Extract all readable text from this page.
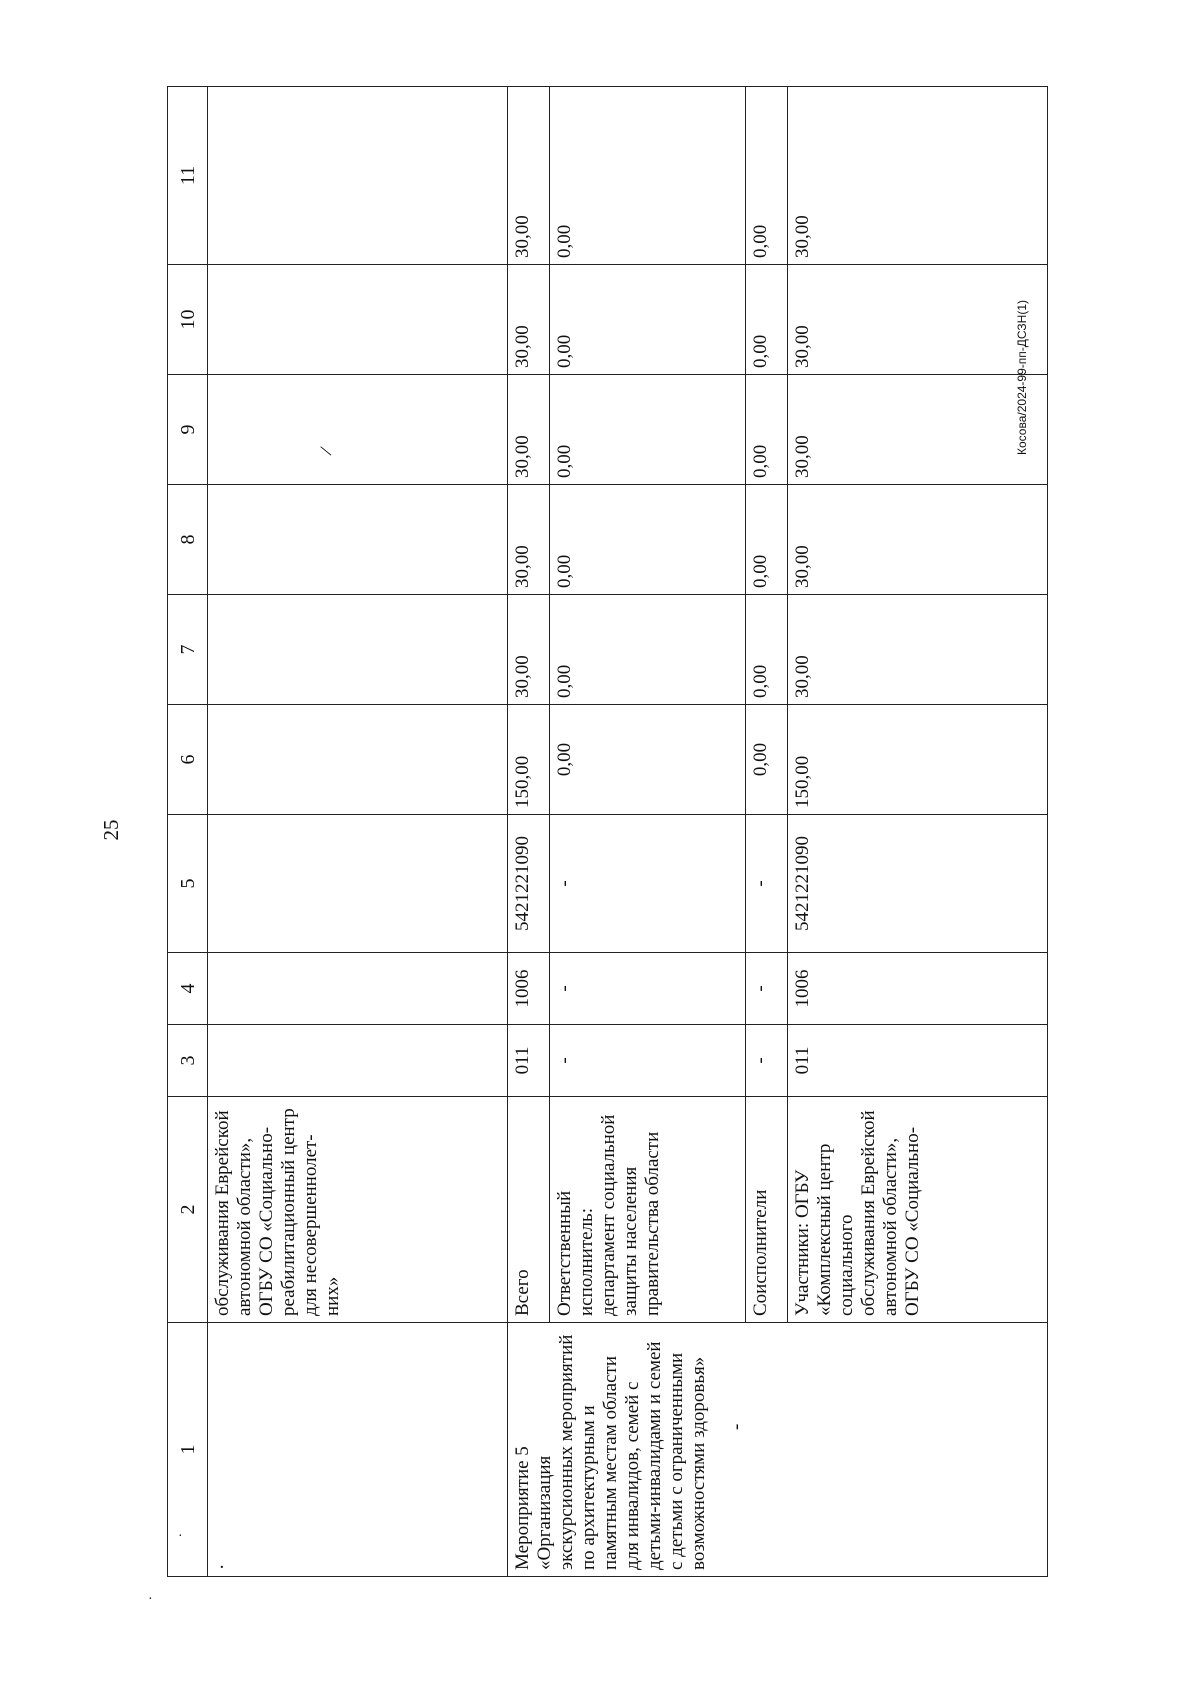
25
Косова/2024-99-пп-ДСЗН(1)
·
·
1	2	3	4	5	6	7	8	9	10	11
·	обслуживания Еврейской автономной области», ОГБУ СО «Социально-реабилитационный центр для несовершеннолет-них»							/		

Мероприятие 5 «Организация экскурсионных мероприятий по архитектурным и памятным местам области для инвалидов, семей с детьми-инвалидами и семей с детьми с ограниченными возможностями здоровья» -	Всего	011	1006	5421221090	150,00	30,00	30,00	30,00	30,00	30,00
	Ответственный исполнитель: департамент социальной защиты населения правительства области	-	-	-	0,00	0,00	0,00	0,00	0,00	0,00
	Соисполнители	-	-	-	0,00	0,00	0,00	0,00	0,00	0,00
	Участники: ОГБУ «Комплексный центр социального обслуживания Еврейской автономной области», ОГБУ СО «Социально-	011	1006	5421221090	150,00	30,00	30,00	30,00	30,00	30,00
